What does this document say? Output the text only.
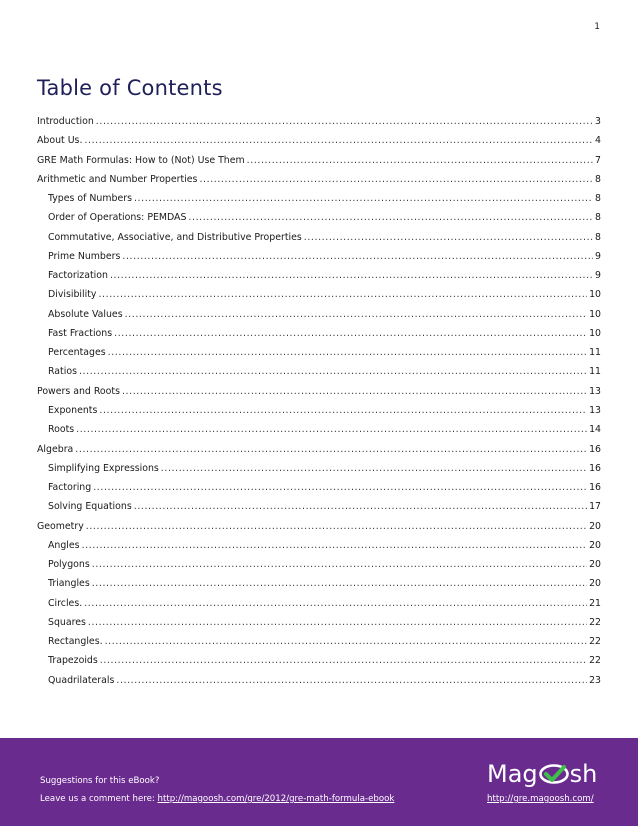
1
Table of Contents
Introduction .....	3
About Us. .....	4
GRE Math Formulas: How to (Not) Use Them .....	7
Arithmetic and Number Properties .....	8
Types of Numbers .....	8
Order of Operations: PEMDAS .....	8
Commutative, Associative, and Distributive Properties .....	8
Prime Numbers .....	9
Factorization .....	9
Divisibility .....	10
Absolute Values .....	10
Fast Fractions .....	10
Percentages .....	11
Ratios .....	11
Powers and Roots .....	13
Exponents .....	13
Roots .....	14
Algebra .....	16
Simplifying Expressions .....	16
Factoring .....	16
Solving Equations .....	17
Geometry .....	20
Angles .....	20
Polygons .....	20
Triangles .....	20
Circles. .....	21
Squares .....	22
Rectangles. .....	22
Trapezoids .....	22
Quadrilaterals .....	23
Suggestions for this eBook?
Leave us a comment here: http://magoosh.com/gre/2012/gre-math-formula-ebook
Mag sh
http://gre.magoosh.com/
